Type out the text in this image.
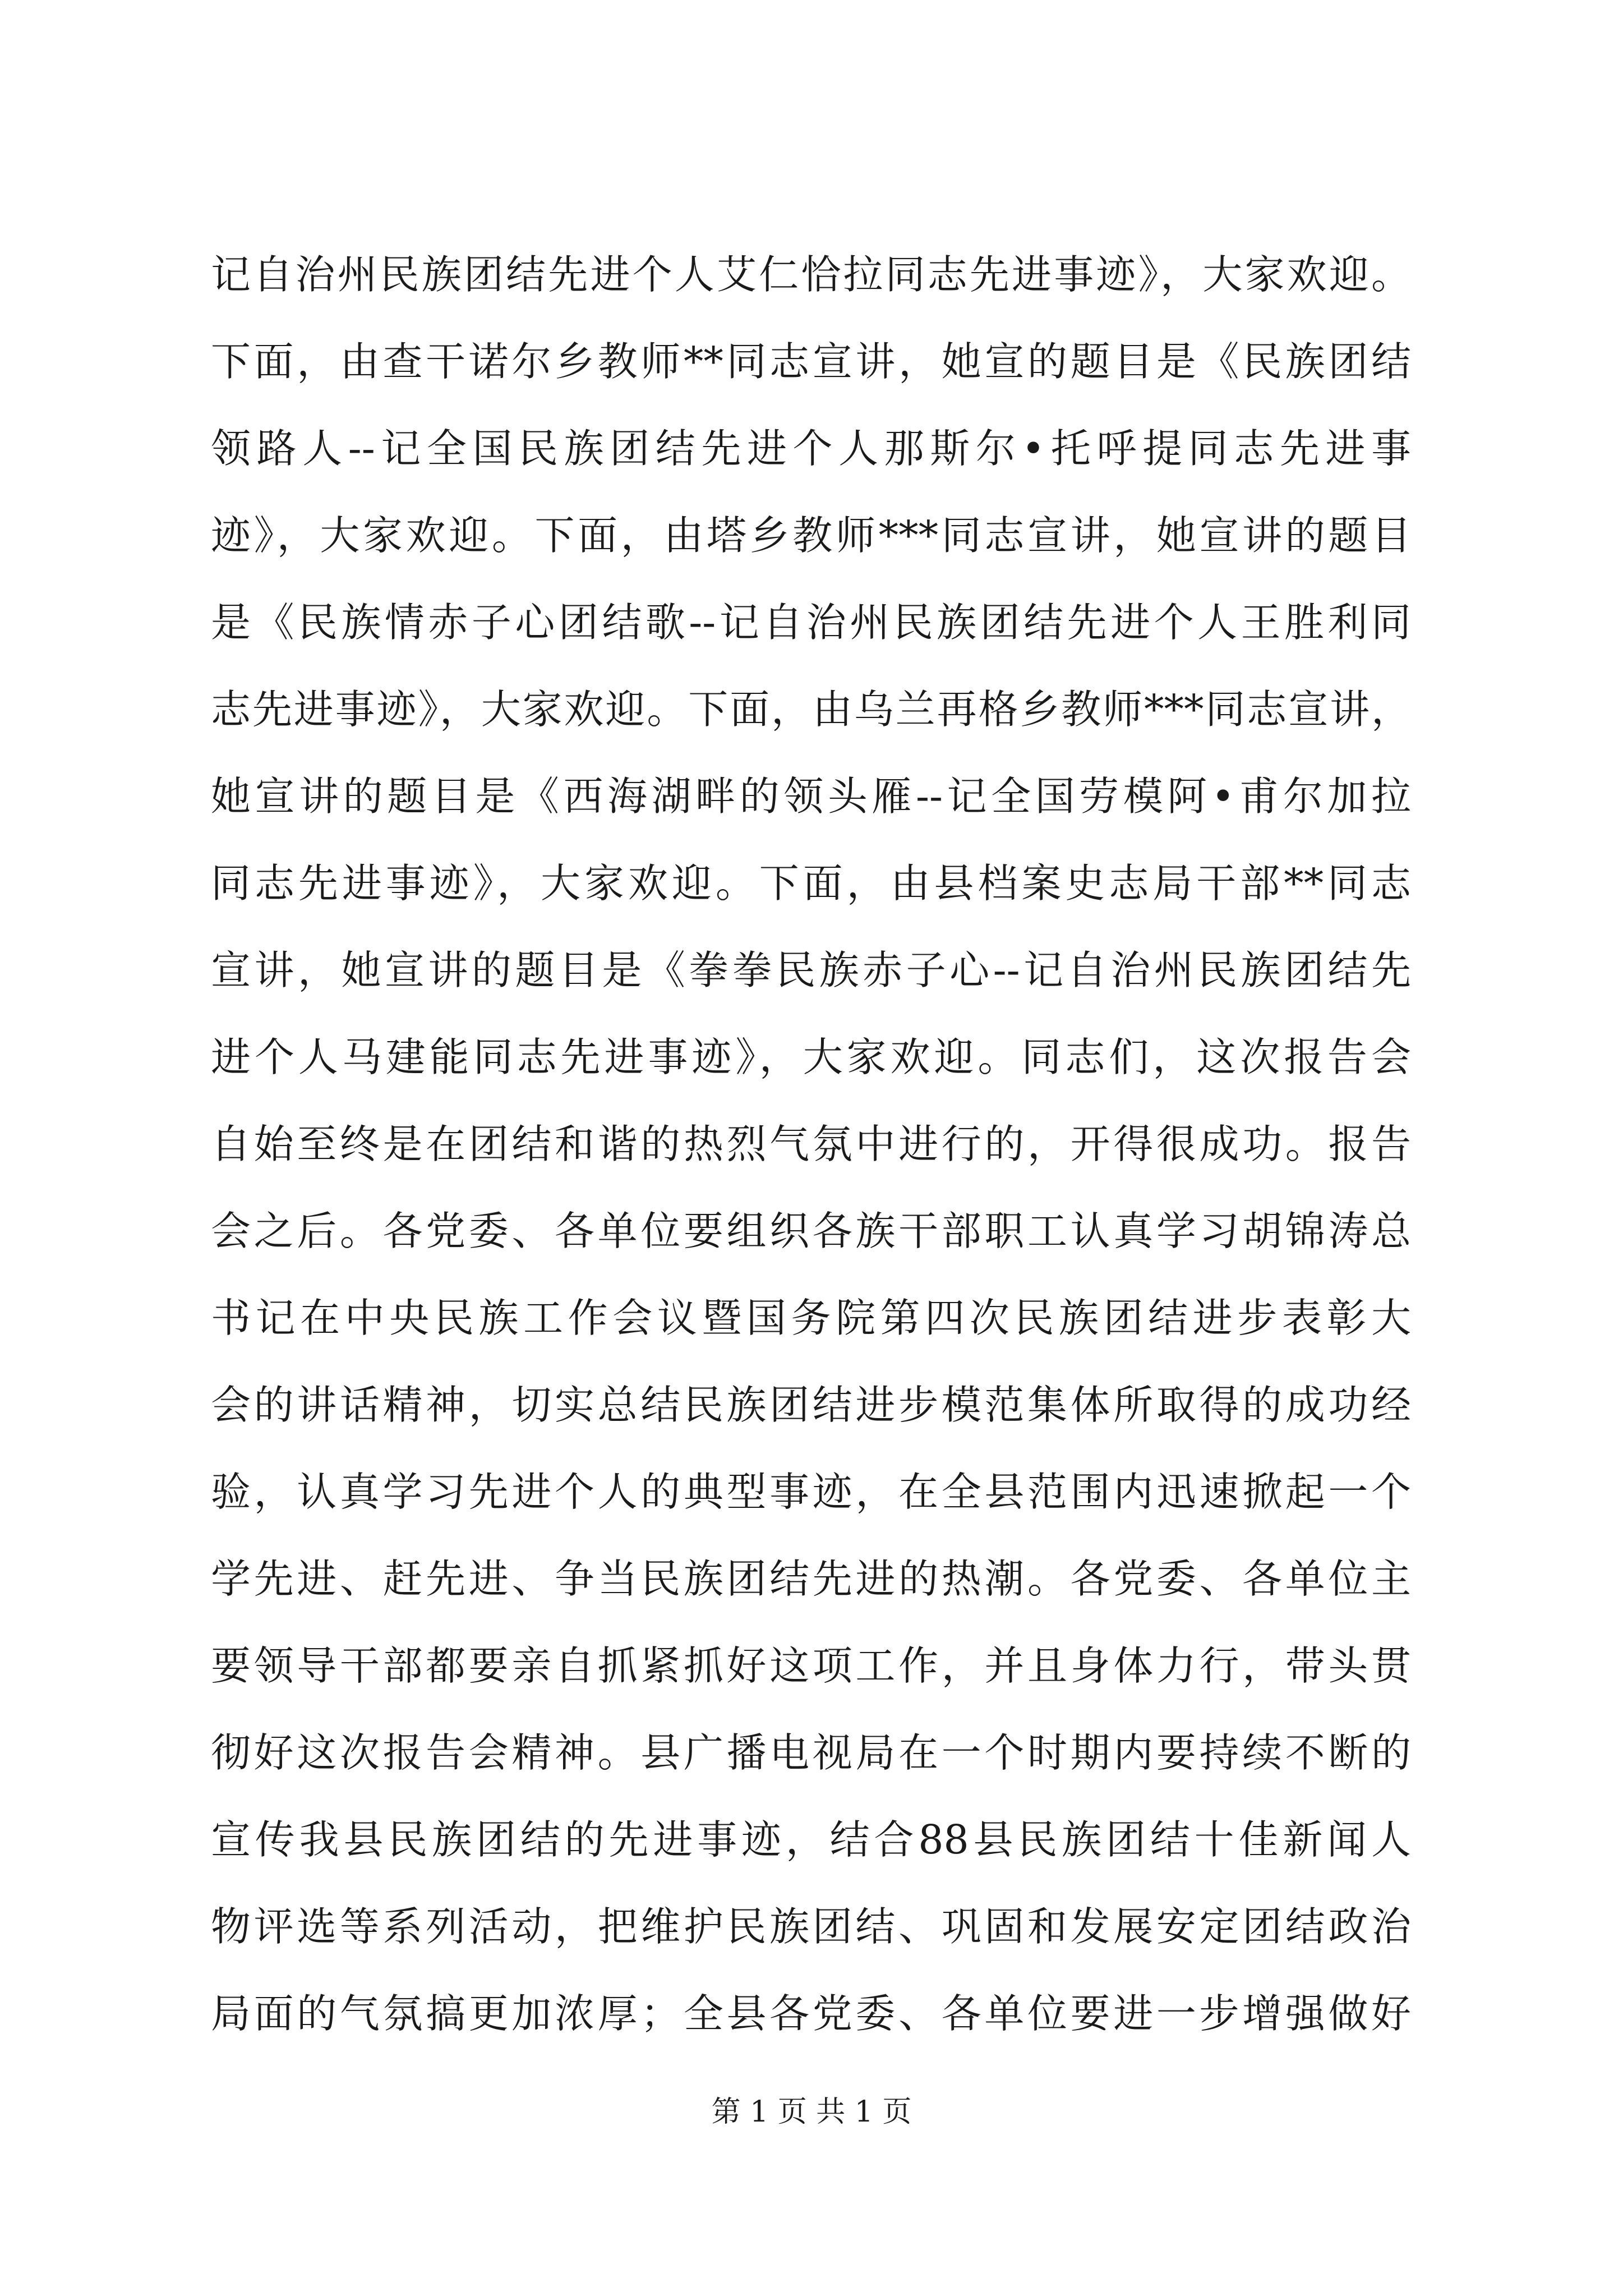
记自治州民族团结先进个人艾仁恰拉同志先进事迹》，大家欢迎。
下面，由查干诺尔乡教师**同志宣讲，她宣的题目是《民族团结
领路人--记全国民族团结先进个人那斯尔•托呼提同志先进事
迹》，大家欢迎。下面，由塔乡教师***同志宣讲，她宣讲的题目
是《民族情赤子心团结歌--记自治州民族团结先进个人王胜利同
志先进事迹》，大家欢迎。下面，由乌兰再格乡教师***同志宣讲，
她宣讲的题目是《西海湖畔的领头雁--记全国劳模阿•甫尔加拉
同志先进事迹》，大家欢迎。下面，由县档案史志局干部**同志
宣讲，她宣讲的题目是《拳拳民族赤子心--记自治州民族团结先
进个人马建能同志先进事迹》，大家欢迎。同志们，这次报告会
自始至终是在团结和谐的热烈气氛中进行的，开得很成功。报告
会之后。各党委、各单位要组织各族干部职工认真学习胡锦涛总
书记在中央民族工作会议暨国务院第四次民族团结进步表彰大
会的讲话精神，切实总结民族团结进步模范集体所取得的成功经
验，认真学习先进个人的典型事迹，在全县范围内迅速掀起一个
学先进、赶先进、争当民族团结先进的热潮。各党委、各单位主
要领导干部都要亲自抓紧抓好这项工作，并且身体力行，带头贯
彻好这次报告会精神。县广播电视局在一个时期内要持续不断的
宣传我县民族团结的先进事迹，结合88县民族团结十佳新闻人
物评选等系列活动，把维护民族团结、巩固和发展安定团结政治
局面的气氛搞更加浓厚；全县各党委、各单位要进一步增强做好
第 1 页 共 1 页
